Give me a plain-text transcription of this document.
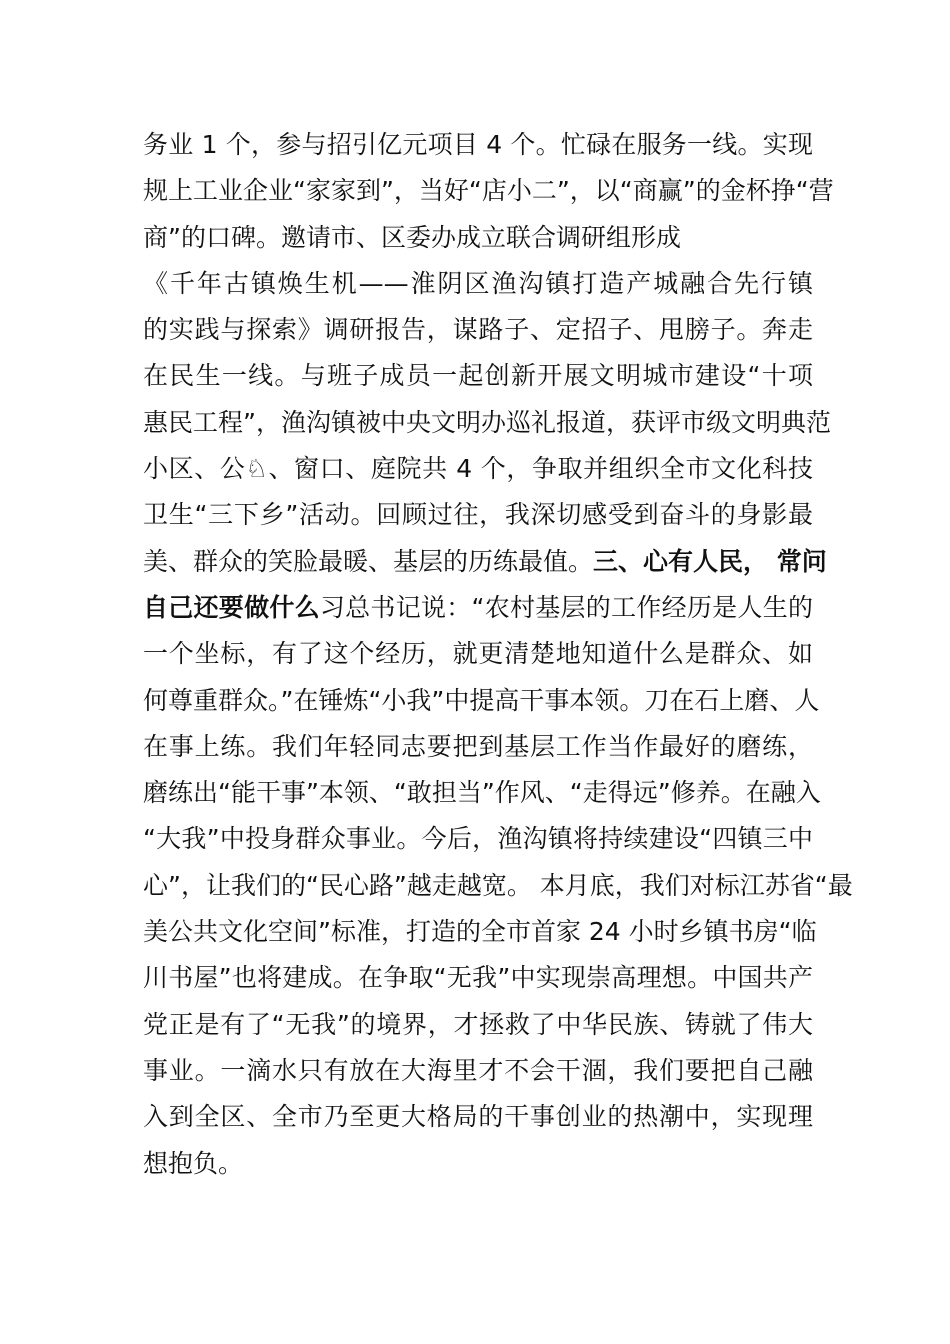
务业 1 个，参与招引亿元项目 4 个。忙碌在服务一线。实现
规上工业企业“家家到”，当好“店小二”，以“商赢”的金杯挣“营
商”的口碑。邀请市、区委办成立联合调研组形成
《千年古镇焕生机——淮阴区渔沟镇打造产城融合先行镇
的实践与探索》调研报告，谋路子、定招子、甩膀子。奔走
在民生一线。与班子成员一起创新开展文明城市建设“十项
惠民工程”，渔沟镇被中央文明办巡礼报道，获评市级文明典范
小区、公♘、窗口、庭院共 4 个，争取并组织全市文化科技
卫生“三下乡”活动。回顾过往，我深切感受到奋斗的身影最
美、群众的笑脸最暖、基层的历练最值。三、心有人民， 常问
自己还要做什么习总书记说：“农村基层的工作经历是人生的
一个坐标，有了这个经历，就更清楚地知道什么是群众、如
何尊重群众。”在锤炼“小我”中提高干事本领。刀在石上磨、人
在事上练。我们年轻同志要把到基层工作当作最好的磨练，
磨练出“能干事”本领、“敢担当”作风、“走得远”修养。在融入
“大我”中投身群众事业。今后，渔沟镇将持续建设“四镇三中
心”，让我们的“民心路”越走越宽。 本月底，我们对标江苏省“最
美公共文化空间”标准，打造的全市首家 24 小时乡镇书房“临
川书屋”也将建成。在争取“无我”中实现崇高理想。中国共产
党正是有了“无我”的境界，才拯救了中华民族、铸就了伟大
事业。一滴水只有放在大海里才不会干涸，我们要把自己融
入到全区、全市乃至更大格局的干事创业的热潮中，实现理
想抱负。
